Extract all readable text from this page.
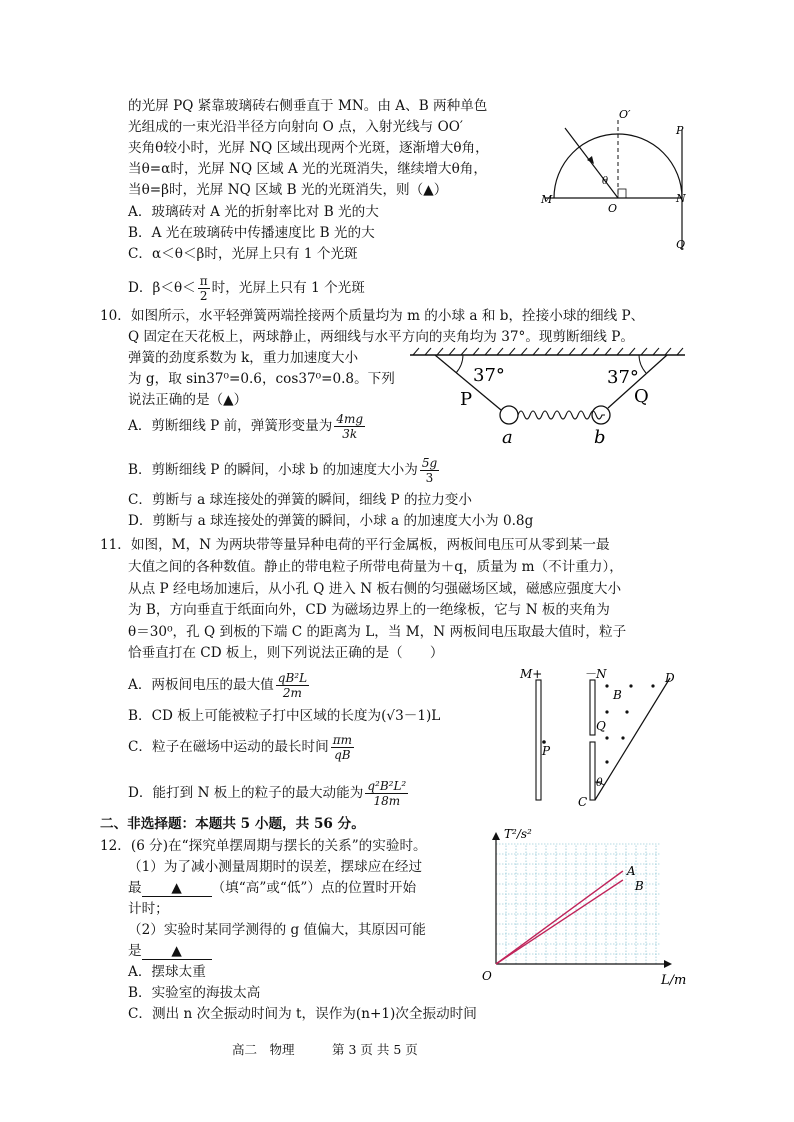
的光屏 PQ 紧靠玻璃砖右侧垂直于 MN。由 A、B 两种单色
光组成的一束光沿半径方向射向 O 点，入射光线与 OO′
夹角θ较小时，光屏 NQ 区域出现两个光斑，逐渐增大θ角，
当θ=α时，光屏 NQ 区域 A 光的光斑消失，继续增大θ角，
当θ=β时，光屏 NQ 区域 B 光的光斑消失，则（▲）
A．玻璃砖对 A 光的折射率比对 B 光的大
B．A 光在玻璃砖中传播速度比 B 光的大
C．α＜θ＜β时，光屏上只有 1 个光斑
D．$\beta<\theta< \frac{\pi}{2}$ 时，光屏上只有 1 个光斑
O′
P
θ
M
O
N
Q
10．如图所示，水平轻弹簧两端拴接两个质量均为 m 的小球 a 和 b，拴接小球的细线 P、
Q 固定在天花板上，两球静止，两细线与水平方向的夹角均为 37°。现剪断细线 P。
弹簧的劲度系数为 k，重力加速度大小
为 g，取 sin37⁰=0.6，cos37⁰=0.8。下列
说法正确的是（▲）
A．剪断细线 P 前，弹簧形变量为 $\frac{4mg}{3k}$
B．剪断细线 P 的瞬间，小球 b 的加速度大小为 $\frac{5g}{3}$
C．剪断与 a 球连接处的弹簧的瞬间，细线 P 的拉力变小
D．剪断与 a 球连接处的弹簧的瞬间，小球 a 的加速度大小为 0.8g
37°	37°
P	Q
a	b
11．如图，M，N 为两块带等量异种电荷的平行金属板，两板间电压可从零到某一最
大值之间的各种数值。静止的带电粒子所带电荷量为＋q，质量为 m（不计重力），
从点 P 经电场加速后，从小孔 Q 进入 N 板右侧的匀强磁场区域，磁感应强度大小
为 B，方向垂直于纸面向外，CD 为磁场边界上的一绝缘板，它与 N 板的夹角为
θ＝30⁰，孔 Q 到板的下端 C 的距离为 L，当 M，N 两板间电压取最大值时，粒子
恰垂直打在 CD 板上，则下列说法正确的是（　　）
A．两板间电压的最大值 $\frac{\text{qB²L}}{2m}$
B．CD 板上可能被粒子打中区域的长度为(√3－1)L
C．粒子在磁场中运动的最长时间 $\frac{\pi m}{qB}$
D．能打到 N 板上的粒子的最大动能为 $\frac{\text{q²B²L²}}{18m}$
M+	－N
B
D
Q
P
θ
C
二、非选择题：本题共 5 小题，共 56 分。
12．(6 分)在“探究单摆周期与摆长的关系”的实验时。
（1）为了减小测量周期时的误差，摆球应在经过
最 ▲ （填“高”或“低”）点的位置时开始
计时；
（2）实验时某同学测得的 g 值偏大，其原因可能
是 ▲
A．摆球太重
B．实验室的海拔太高
C．测出 n 次全振动时间为 t，误作为(n+1)次全振动时间
A
B
T²/s²
L/m
O
高二　物理　　　第 3 页 共 5 页
